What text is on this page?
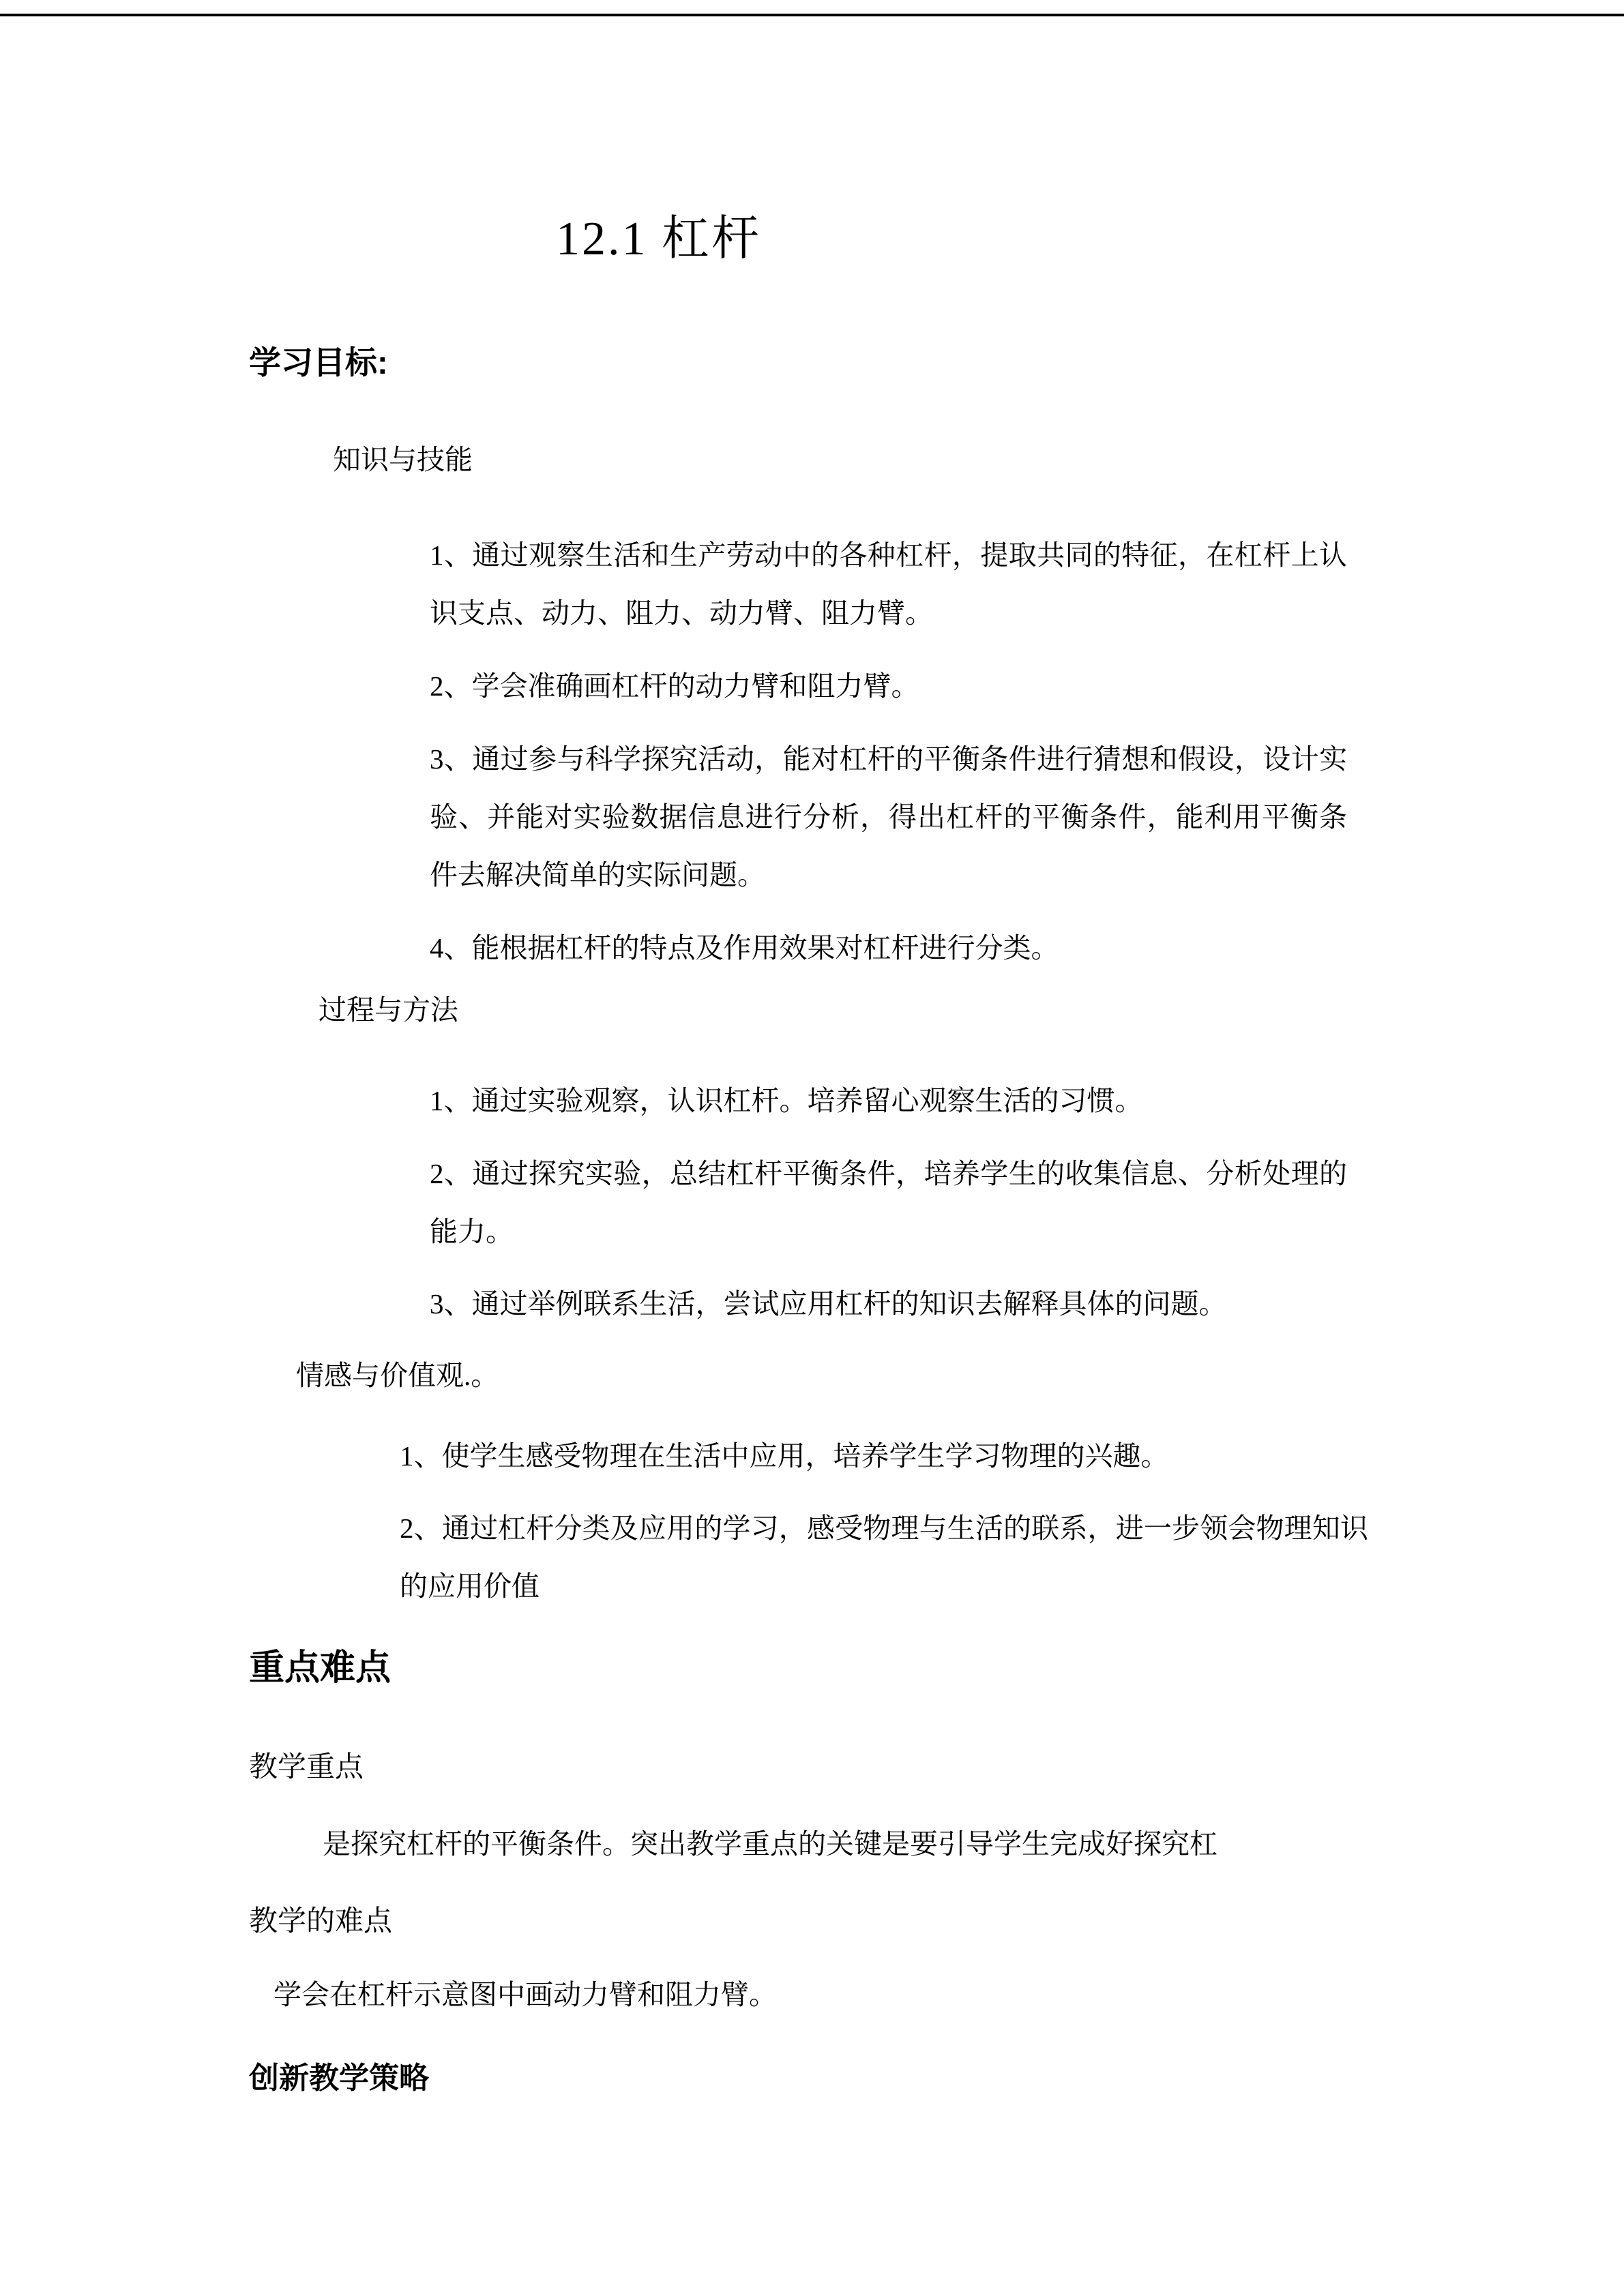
12.1 杠杆
学习目标:
知识与技能

1、通过观察生活和生产劳动中的各种杠杆，提取共同的特征，在杠杆上认识支点、动力、阻力、动力臂、阻力臂。

2、学会准确画杠杆的动力臂和阻力臂。

3、通过参与科学探究活动，能对杠杆的平衡条件进行猜想和假设，设计实验、并能对实验数据信息进行分析，得出杠杆的平衡条件，能利用平衡条件去解决简单的实际问题。

4、能根据杠杆的特点及作用效果对杠杆进行分类。

过程与方法

1、通过实验观察，认识杠杆。培养留心观察生活的习惯。

2、通过探究实验，总结杠杆平衡条件，培养学生的收集信息、分析处理的能力。

3、通过举例联系生活，尝试应用杠杆的知识去解释具体的问题。

情感与价值观.。

1、使学生感受物理在生活中应用，培养学生学习物理的兴趣。

2、通过杠杆分类及应用的学习，感受物理与生活的联系，进一步领会物理知识的应用价值

重点难点
教学重点

是探究杠杆的平衡条件。突出教学重点的关键是要引导学生完成好探究杠

教学的难点

学会在杠杆示意图中画动力臂和阻力臂。

创新教学策略
